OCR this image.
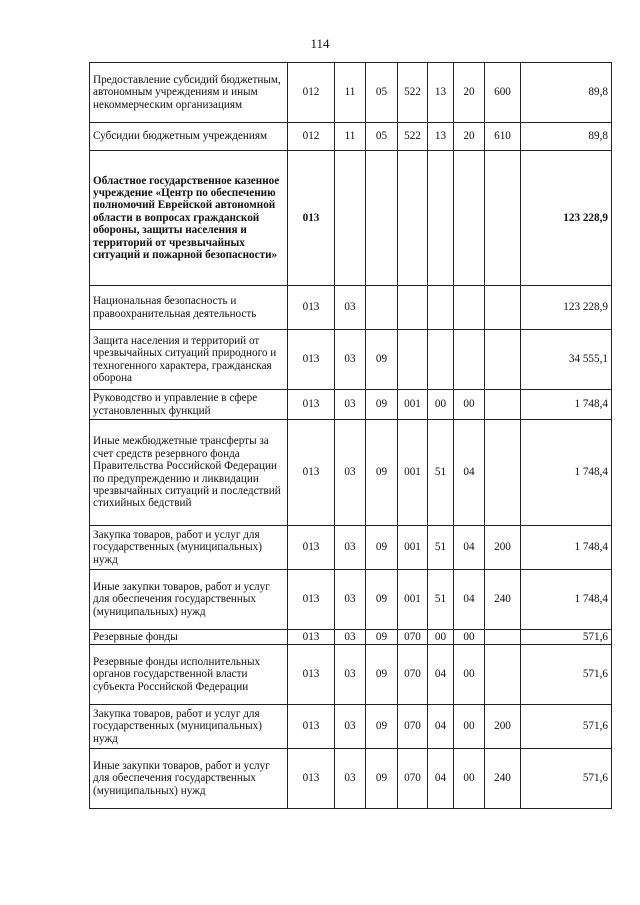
114
Предоставление субсидий бюджетным, автономным учреждениям и иным некоммерческим организациям	012	11	05	522	13	20	600	89,8
Субсидии бюджетным учреждениям	012	11	05	522	13	20	610	89,8
Областное государственное казенное учреждение «Центр по обеспечению полномочий Еврейской автономной области в вопросах гражданской обороны, защиты населения и территорий от чрезвычайных ситуаций и пожарной безопасности»	013							123 228,9
Национальная безопасность и правоохранительная деятельность	013	03						123 228,9
Защита населения и территорий от чрезвычайных ситуаций природного и техногенного характера, гражданская оборона	013	03	09					34 555,1
Руководство и управление в сфере установленных функций	013	03	09	001	00	00		1 748,4
Иные межбюджетные трансферты за счет средств резервного фонда Правительства Российской Федерации по предупреждению и ликвидации чрезвычайных ситуаций и последствий стихийных бедствий	013	03	09	001	51	04		1 748,4
Закупка товаров, работ и услуг для государственных (муниципальных) нужд	013	03	09	001	51	04	200	1 748,4
Иные закупки товаров, работ и услуг для обеспечения государственных (муниципальных) нужд	013	03	09	001	51	04	240	1 748,4
Резервные фонды	013	03	09	070	00	00		571,6
Резервные фонды исполнительных органов государственной власти субъекта Российской Федерации	013	03	09	070	04	00		571,6
Закупка товаров, работ и услуг для государственных (муниципальных) нужд	013	03	09	070	04	00	200	571,6
Иные закупки товаров, работ и услуг для обеспечения государственных (муниципальных) нужд	013	03	09	070	04	00	240	571,6
